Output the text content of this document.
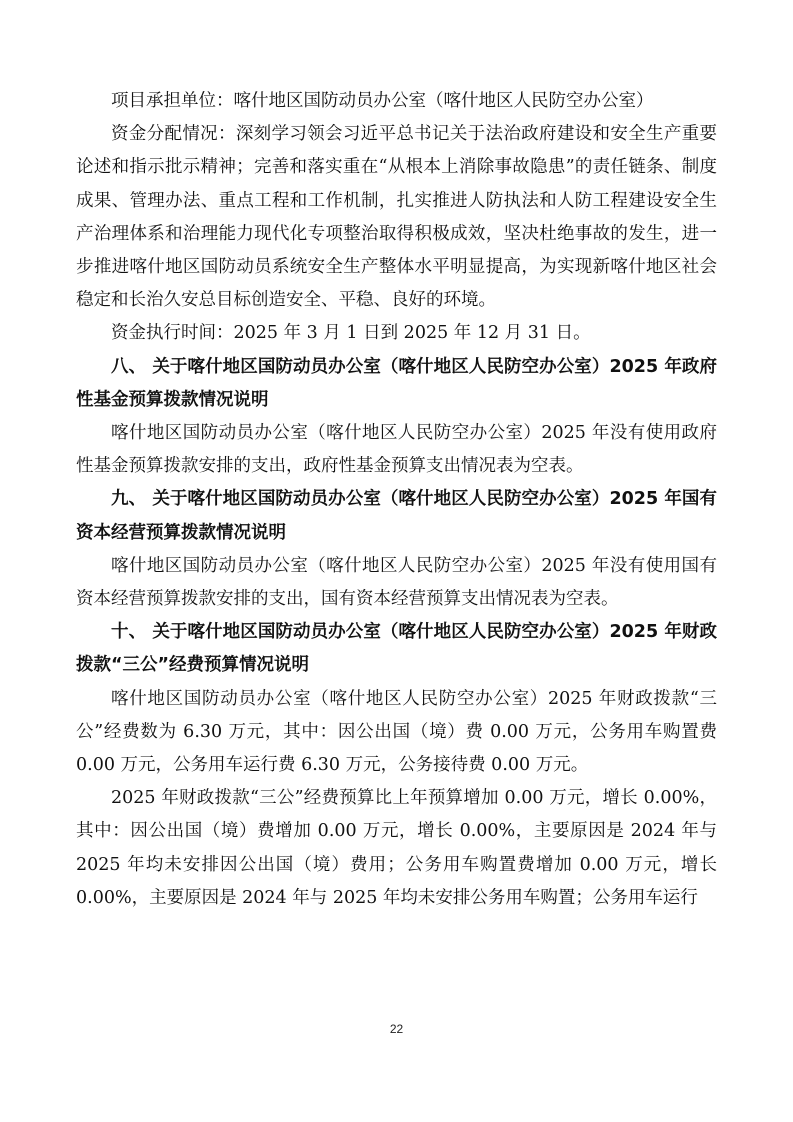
项目承担单位：喀什地区国防动员办公室（喀什地区人民防空办公室）

资金分配情况：深刻学习领会习近平总书记关于法治政府建设和安全生产重要论述和指示批示精神；完善和落实重在“从根本上消除事故隐患”的责任链条、制度成果、管理办法、重点工程和工作机制，扎实推进人防执法和人防工程建设安全生产治理体系和治理能力现代化专项整治取得积极成效，坚决杜绝事故的发生，进一步推进喀什地区国防动员系统安全生产整体水平明显提高，为实现新喀什地区社会稳定和长治久安总目标创造安全、平稳、良好的环境。

资金执行时间：2025 年 3 月 1 日到 2025 年 12 月 31 日。

八、 关于喀什地区国防动员办公室（喀什地区人民防空办公室）2025 年政府性基金预算拨款情况说明

喀什地区国防动员办公室（喀什地区人民防空办公室）2025 年没有使用政府性基金预算拨款安排的支出，政府性基金预算支出情况表为空表。

九、 关于喀什地区国防动员办公室（喀什地区人民防空办公室）2025 年国有资本经营预算拨款情况说明

喀什地区国防动员办公室（喀什地区人民防空办公室）2025 年没有使用国有资本经营预算拨款安排的支出，国有资本经营预算支出情况表为空表。

十、 关于喀什地区国防动员办公室（喀什地区人民防空办公室）2025 年财政拨款“三公”经费预算情况说明

喀什地区国防动员办公室（喀什地区人民防空办公室）2025 年财政拨款“三公”经费数为 6.30 万元，其中：因公出国（境）费 0.00 万元，公务用车购置费 0.00 万元，公务用车运行费 6.30 万元，公务接待费 0.00 万元。

2025 年财政拨款“三公”经费预算比上年预算增加 0.00 万元，增长 0.00%，其中：因公出国（境）费增加 0.00 万元，增长 0.00%，主要原因是 2024 年与 2025 年均未安排因公出国（境）费用；公务用车购置费增加 0.00 万元，增长 0.00%，主要原因是 2024 年与 2025 年均未安排公务用车购置；公务用车运行

22
